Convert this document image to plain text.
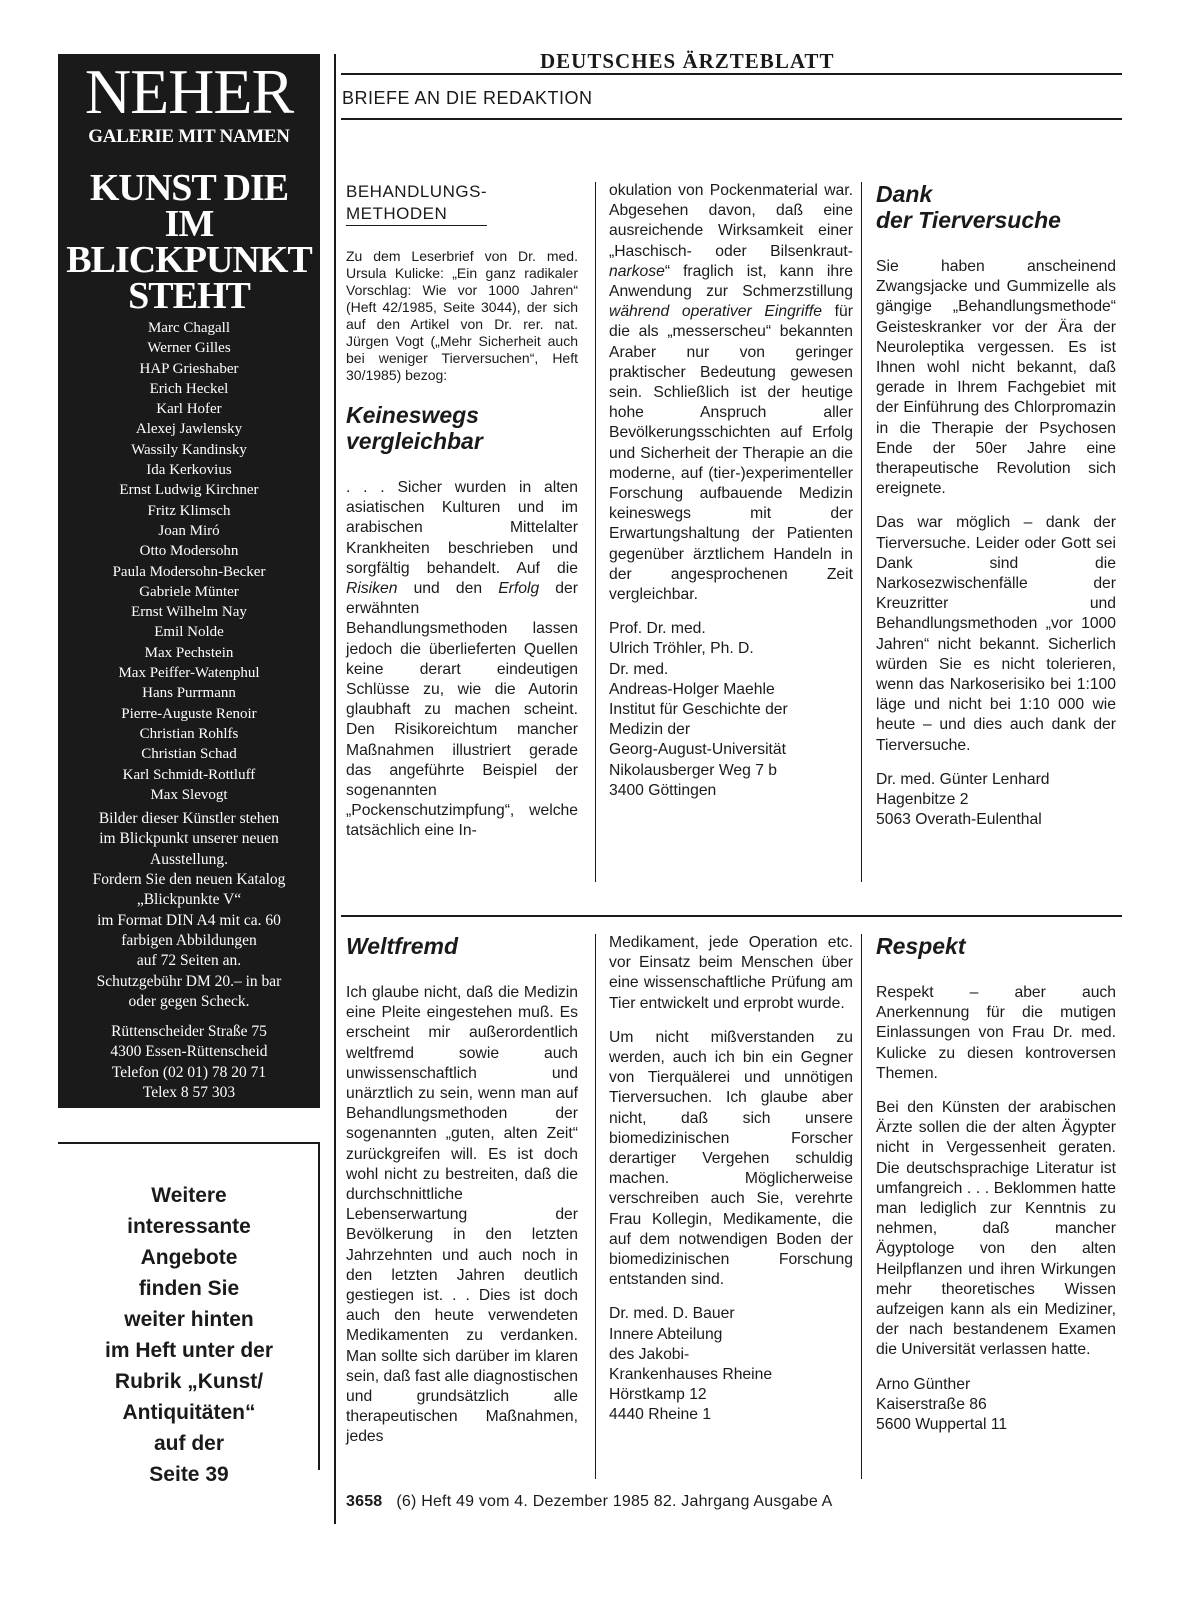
NEHER
GALERIE MIT NAMEN
KUNST DIE
IM
BLICKPUNKT
STEHT
Marc Chagall
Werner Gilles
HAP Grieshaber
Erich Heckel
Karl Hofer
Alexej Jawlensky
Wassily Kandinsky
Ida Kerkovius
Ernst Ludwig Kirchner
Fritz Klimsch
Joan Miró
Otto Modersohn
Paula Modersohn-Becker
Gabriele Münter
Ernst Wilhelm Nay
Emil Nolde
Max Pechstein
Max Peiffer-Watenphul
Hans Purrmann
Pierre-Auguste Renoir
Christian Rohlfs
Christian Schad
Karl Schmidt-Rottluff
Max Slevogt
Bilder dieser Künstler stehen
im Blickpunkt unserer neuen
Ausstellung.
Fordern Sie den neuen Katalog
„Blickpunkte V“
im Format DIN A4 mit ca. 60
farbigen Abbildungen
auf 72 Seiten an.
Schutzgebühr DM 20.– in bar
oder gegen Scheck.
Rüttenscheider Straße 75
4300 Essen-Rüttenscheid
Telefon (02 01) 78 20 71
Telex 8 57 303
Weitere
interessante
Angebote
finden Sie
weiter hinten
im Heft unter der
Rubrik „Kunst/
Antiquitäten“
auf der
Seite 39
DEUTSCHES ÄRZTEBLATT
BRIEFE AN DIE REDAKTION
BEHANDLUNGS-
METHODEN

Zu dem Leserbrief von Dr. med. Ursula Kulicke: „Ein ganz radikaler Vorschlag: Wie vor 1000 Jahren“ (Heft 42/1985, Seite 3044), der sich auf den Artikel von Dr. rer. nat. Jürgen Vogt („Mehr Sicherheit auch bei weniger Tierversuchen“, Heft 30/1985) bezog:

Keineswegs
vergleichbar

. . . Sicher wurden in alten asiatischen Kulturen und im arabischen Mittelalter Krankheiten beschrieben und sorgfältig behandelt. Auf die Risiken und den Erfolg der erwähnten Behandlungsmethoden lassen jedoch die überlieferten Quellen keine derart eindeutigen Schlüsse zu, wie die Autorin glaubhaft zu machen scheint. Den Risikoreichtum mancher Maßnahmen illustriert gerade das angeführte Beispiel der sogenannten „Pockenschutzimpfung“, welche tatsächlich eine In-

okulation von Pockenmaterial war. Abgesehen davon, daß eine ausreichende Wirksamkeit einer „Haschisch- oder Bilsenkraut-narkose“ fraglich ist, kann ihre Anwendung zur Schmerzstillung während operativer Eingriffe für die als „messerscheu“ bekannten Araber nur von geringer praktischer Bedeutung gewesen sein. Schließlich ist der heutige hohe Anspruch aller Bevölkerungsschichten auf Erfolg und Sicherheit der Therapie an die moderne, auf (tier-)experimenteller Forschung aufbauende Medizin keineswegs mit der Erwartungshaltung der Patienten gegenüber ärztlichem Handeln in der angesprochenen Zeit vergleichbar.

Prof. Dr. med.
Ulrich Tröhler, Ph. D.
Dr. med.
Andreas-Holger Maehle
Institut für Geschichte der
Medizin der
Georg-August-Universität
Nikolausberger Weg 7 b
3400 Göttingen
Dank
der Tierversuche

Sie haben anscheinend Zwangsjacke und Gummizelle als gängige „Behandlungsmethode“ Geisteskranker vor der Ära der Neuroleptika vergessen. Es ist Ihnen wohl nicht bekannt, daß gerade in Ihrem Fachgebiet mit der Einführung des Chlorpromazin in die Therapie der Psychosen Ende der 50er Jahre eine therapeutische Revolution sich ereignete.

Das war möglich – dank der Tierversuche. Leider oder Gott sei Dank sind die Narkosezwischenfälle der Kreuzritter und Behandlungsmethoden „vor 1000 Jahren“ nicht bekannt. Sicherlich würden Sie es nicht tolerieren, wenn das Narkoserisiko bei 1:100 läge und nicht bei 1:10 000 wie heute – und dies auch dank der Tierversuche.

Dr. med. Günter Lenhard
Hagenbitze 2
5063 Overath-Eulenthal
Weltfremd

Ich glaube nicht, daß die Medizin eine Pleite eingestehen muß. Es erscheint mir außerordentlich weltfremd sowie auch unwissenschaftlich und unärztlich zu sein, wenn man auf Behandlungsmethoden der sogenannten „guten, alten Zeit“ zurückgreifen will. Es ist doch wohl nicht zu bestreiten, daß die durchschnittliche Lebenserwartung der Bevölkerung in den letzten Jahrzehnten und auch noch in den letzten Jahren deutlich gestiegen ist. . . Dies ist doch auch den heute verwendeten Medikamenten zu verdanken. Man sollte sich darüber im klaren sein, daß fast alle diagnostischen und grundsätzlich alle therapeutischen Maßnahmen, jedes

Medikament, jede Operation etc. vor Einsatz beim Menschen über eine wissenschaftliche Prüfung am Tier entwickelt und erprobt wurde.

Um nicht mißverstanden zu werden, auch ich bin ein Gegner von Tierquälerei und unnötigen Tierversuchen. Ich glaube aber nicht, daß sich unsere biomedizinischen Forscher derartiger Vergehen schuldig machen. Möglicherweise verschreiben auch Sie, verehrte Frau Kollegin, Medikamente, die auf dem notwendigen Boden der biomedizinischen Forschung entstanden sind.

Dr. med. D. Bauer
Innere Abteilung
des Jakobi-
Krankenhauses Rheine
Hörstkamp 12
4440 Rheine 1
Respekt

Respekt – aber auch Anerkennung für die mutigen Einlassungen von Frau Dr. med. Kulicke zu diesen kontroversen Themen.

Bei den Künsten der arabischen Ärzte sollen die der alten Ägypter nicht in Vergessenheit geraten. Die deutschsprachige Literatur ist umfangreich . . . Beklommen hatte man lediglich zur Kenntnis zu nehmen, daß mancher Ägyptologe von den alten Heilpflanzen und ihren Wirkungen mehr theoretisches Wissen aufzeigen kann als ein Mediziner, der nach bestandenem Examen die Universität verlassen hatte.

Arno Günther
Kaiserstraße 86
5600 Wuppertal 11
3658 (6) Heft 49 vom 4. Dezember 1985 82. Jahrgang Ausgabe A
